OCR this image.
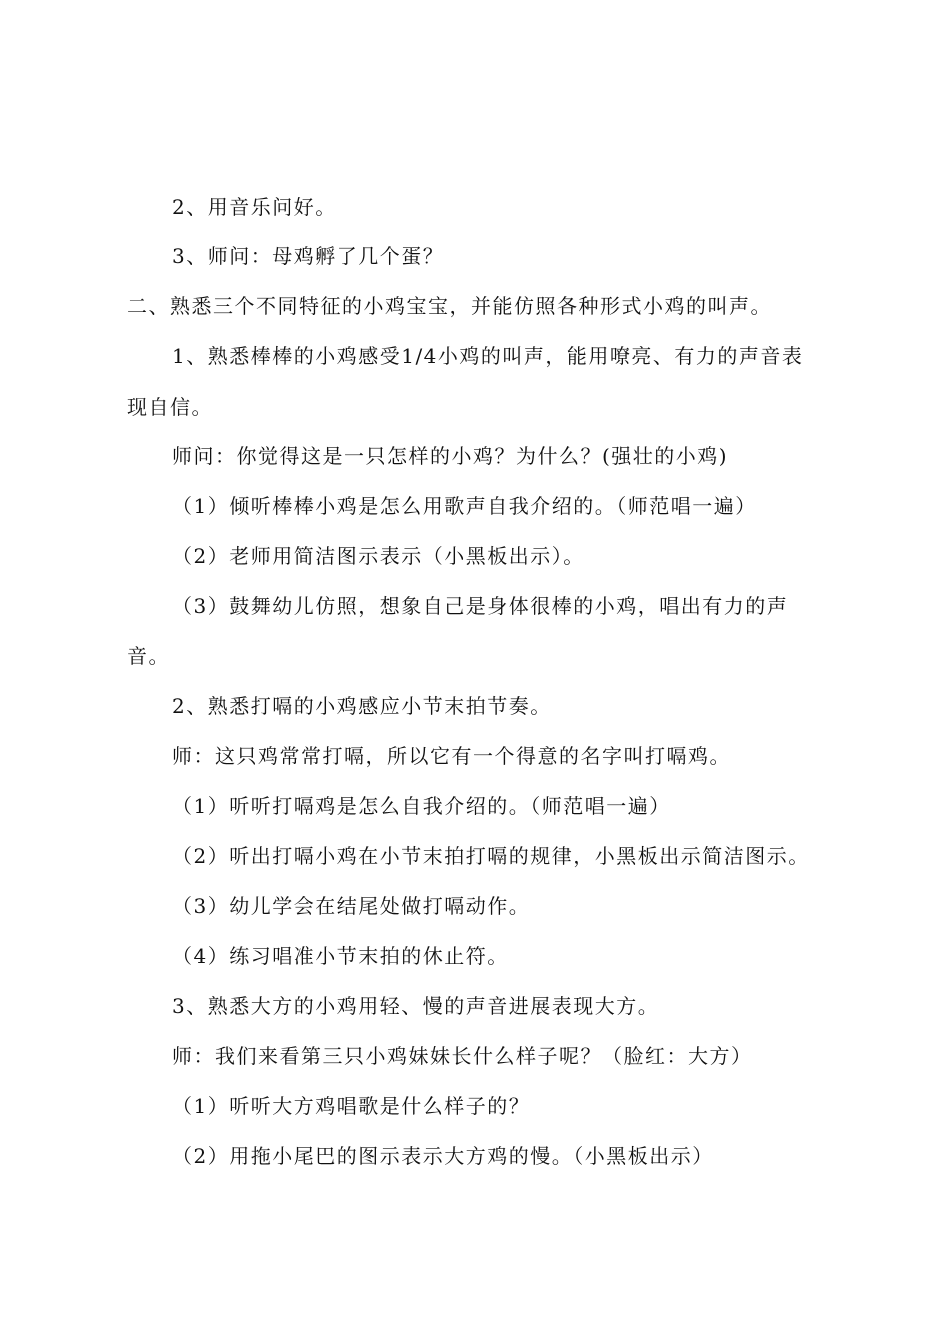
2、用音乐问好。
3、师问：母鸡孵了几个蛋？
二、熟悉三个不同特征的小鸡宝宝，并能仿照各种形式小鸡的叫声。
1、熟悉棒棒的小鸡感受1/4小鸡的叫声，能用嘹亮、有力的声音表
现自信。
师问：你觉得这是一只怎样的小鸡？为什么？(强壮的小鸡)
（1）倾听棒棒小鸡是怎么用歌声自我介绍的。（师范唱一遍）
（2）老师用简洁图示表示（小黑板出示）。
（3）鼓舞幼儿仿照，想象自己是身体很棒的小鸡，唱出有力的声
音。
2、熟悉打嗝的小鸡感应小节末拍节奏。
师：这只鸡常常打嗝，所以它有一个得意的名字叫打嗝鸡。
（1）听听打嗝鸡是怎么自我介绍的。（师范唱一遍）
（2）听出打嗝小鸡在小节末拍打嗝的规律，小黑板出示简洁图示。
（3）幼儿学会在结尾处做打嗝动作。
（4）练习唱准小节末拍的休止符。
3、熟悉大方的小鸡用轻、慢的声音进展表现大方。
师：我们来看第三只小鸡妹妹长什么样子呢？（脸红：大方）
（1）听听大方鸡唱歌是什么样子的？
（2）用拖小尾巴的图示表示大方鸡的慢。（小黑板出示）
